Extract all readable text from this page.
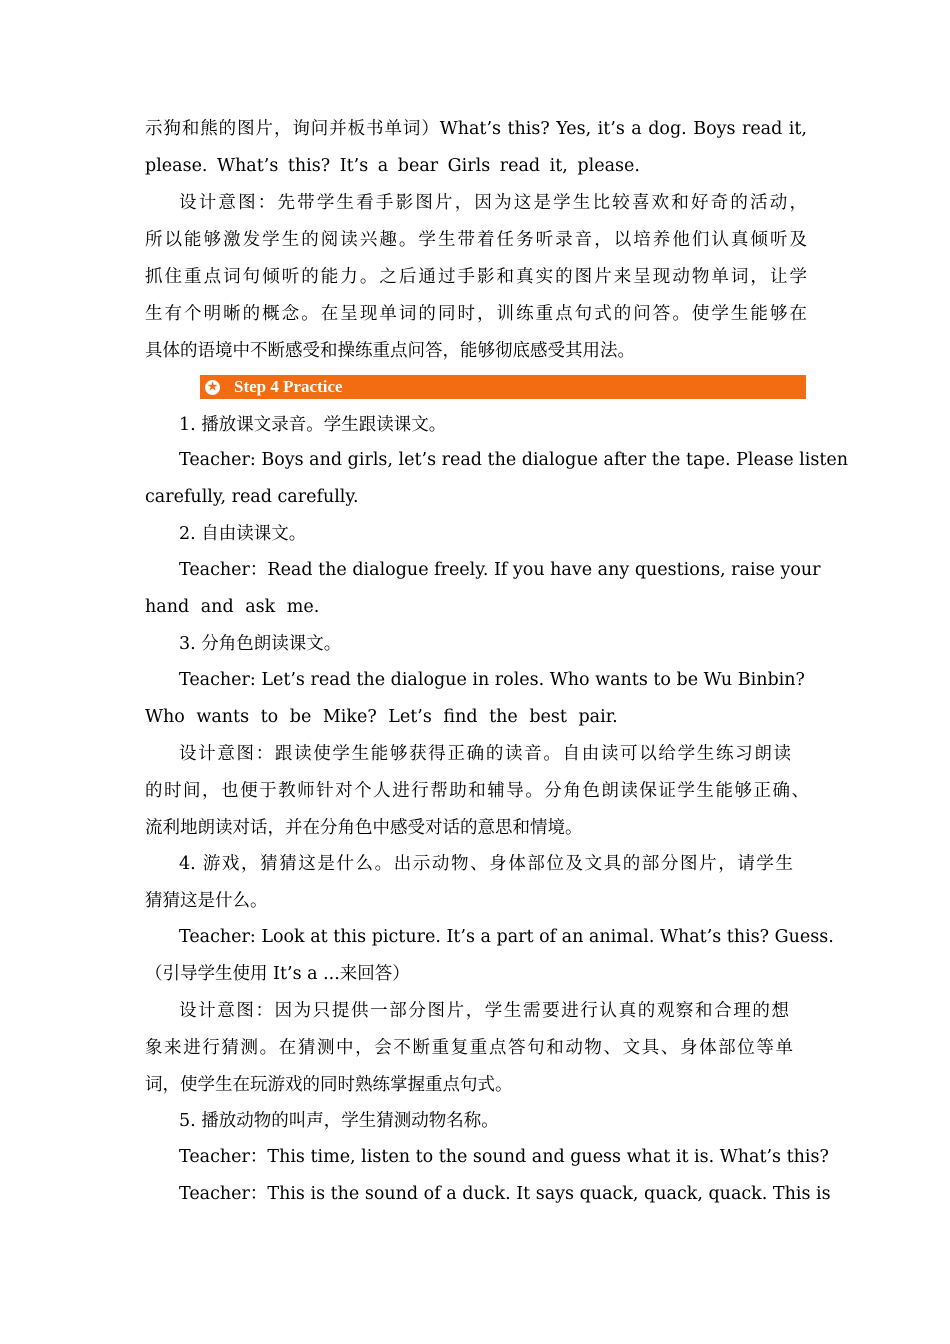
示狗和熊的图片，询问并板书单词）What’s this? Yes, it’s a dog. Boys read it,
please. What’s this? It’s a bear Girls read it, please.
设计意图：先带学生看手影图片，因为这是学生比较喜欢和好奇的活动，
所以能够激发学生的阅读兴趣。学生带着任务听录音，以培养他们认真倾听及
抓住重点词句倾听的能力。之后通过手影和真实的图片来呈现动物单词，让学
生有个明晰的概念。在呈现单词的同时，训练重点句式的问答。使学生能够在
具体的语境中不断感受和操练重点问答，能够彻底感受其用法。
★ Step 4 Practice
1. 播放课文录音。学生跟读课文。
Teacher: Boys and girls, let’s read the dialogue after the tape. Please listen
carefully, read carefully.
2. 自由读课文。
Teacher：Read the dialogue freely. If you have any questions, raise your
hand and ask me.
3. 分角色朗读课文。
Teacher: Let’s read the dialogue in roles. Who wants to be Wu Binbin?
Who wants to be Mike? Let’s find the best pair.
设计意图：跟读使学生能够获得正确的读音。自由读可以给学生练习朗读
的时间，也便于教师针对个人进行帮助和辅导。分角色朗读保证学生能够正确、
流利地朗读对话，并在分角色中感受对话的意思和情境。
4. 游戏，猜猜这是什么。出示动物、身体部位及文具的部分图片，请学生
猜猜这是什么。
Teacher: Look at this picture. It’s a part of an animal. What’s this? Guess.
（引导学生使用 It’s a ...来回答）
设计意图：因为只提供一部分图片，学生需要进行认真的观察和合理的想
象来进行猜测。在猜测中，会不断重复重点答句和动物、文具、身体部位等单
词，使学生在玩游戏的同时熟练掌握重点句式。
5. 播放动物的叫声，学生猜测动物名称。
Teacher：This time, listen to the sound and guess what it is. What’s this?
Teacher：This is the sound of a duck. It says quack, quack, quack. This is
